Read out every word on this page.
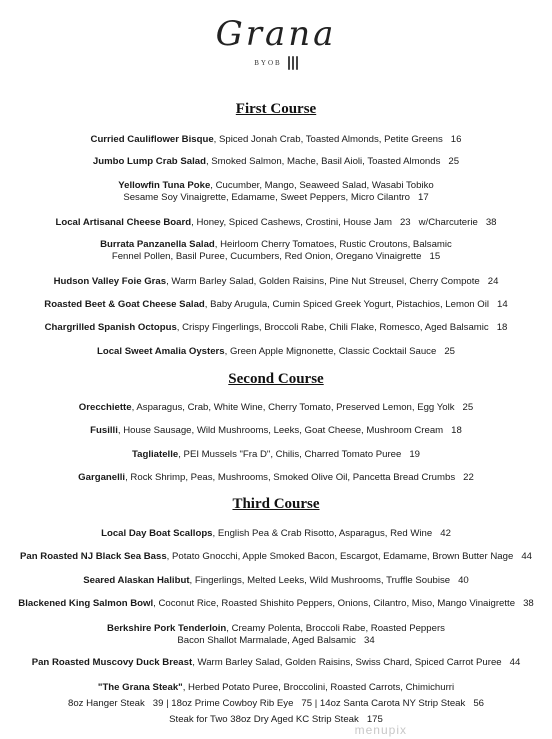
Grana
BYOB
First Course
Curried Cauliflower Bisque, Spiced Jonah Crab, Toasted Almonds, Petite Greens 16
Jumbo Lump Crab Salad, Smoked Salmon, Mache, Basil Aioli, Toasted Almonds 25
Yellowfin Tuna Poke, Cucumber, Mango, Seaweed Salad, Wasabi Tobiko
Sesame Soy Vinaigrette, Edamame, Sweet Peppers, Micro Cilantro 17
Local Artisanal Cheese Board, Honey, Spiced Cashews, Crostini, House Jam 23 w/Charcuterie 38
Burrata Panzanella Salad, Heirloom Cherry Tomatoes, Rustic Croutons, Balsamic
Fennel Pollen, Basil Puree, Cucumbers, Red Onion, Oregano Vinaigrette 15
Hudson Valley Foie Gras, Warm Barley Salad, Golden Raisins, Pine Nut Streusel, Cherry Compote 24
Roasted Beet & Goat Cheese Salad, Baby Arugula, Cumin Spiced Greek Yogurt, Pistachios, Lemon Oil 14
Chargrilled Spanish Octopus, Crispy Fingerlings, Broccoli Rabe, Chili Flake, Romesco, Aged Balsamic 18
Local Sweet Amalia Oysters, Green Apple Mignonette, Classic Cocktail Sauce 25
Second Course
Orecchiette, Asparagus, Crab, White Wine, Cherry Tomato, Preserved Lemon, Egg Yolk 25
Fusilli, House Sausage, Wild Mushrooms, Leeks, Goat Cheese, Mushroom Cream 18
Tagliatelle, PEI Mussels "Fra D", Chilis, Charred Tomato Puree 19
Garganelli, Rock Shrimp, Peas, Mushrooms, Smoked Olive Oil, Pancetta Bread Crumbs 22
Third Course
Local Day Boat Scallops, English Pea & Crab Risotto, Asparagus, Red Wine 42
Pan Roasted NJ Black Sea Bass, Potato Gnocchi, Apple Smoked Bacon, Escargot, Edamame, Brown Butter Nage 44
Seared Alaskan Halibut, Fingerlings, Melted Leeks, Wild Mushrooms, Truffle Soubise 40
Blackened King Salmon Bowl, Coconut Rice, Roasted Shishito Peppers, Onions, Cilantro, Miso, Mango Vinaigrette 38
Berkshire Pork Tenderloin, Creamy Polenta, Broccoli Rabe, Roasted Peppers
Bacon Shallot Marmalade, Aged Balsamic 34
Pan Roasted Muscovy Duck Breast, Warm Barley Salad, Golden Raisins, Swiss Chard, Spiced Carrot Puree 44
"The Grana Steak", Herbed Potato Puree, Broccolini, Roasted Carrots, Chimichurri
8oz Hanger Steak 39 | 18oz Prime Cowboy Rib Eye 75 | 14oz Santa Carota NY Strip Steak 56
Steak for Two 38oz Dry Aged KC Strip Steak 175
menupix
